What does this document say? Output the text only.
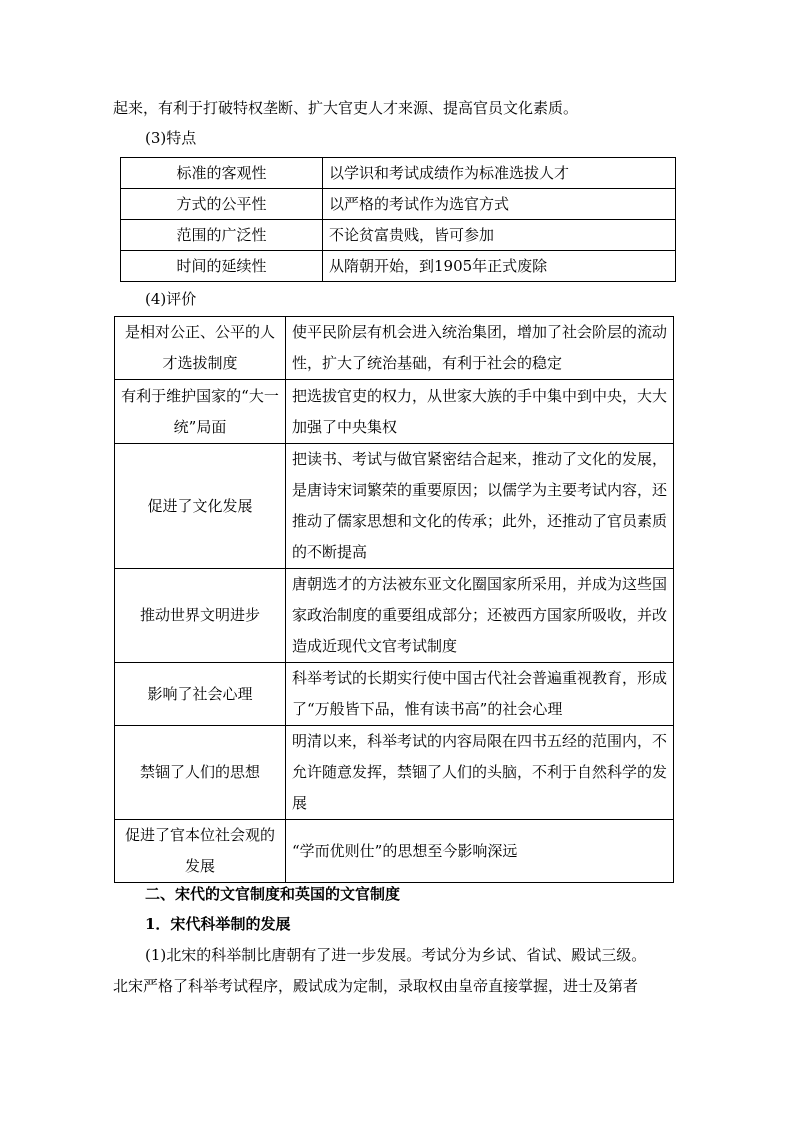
起来，有利于打破特权垄断、扩大官吏人才来源、提高官员文化素质。
(3)特点
标准的客观性	以学识和考试成绩作为标准选拔人才
方式的公平性	以严格的考试作为选官方式
范围的广泛性	不论贫富贵贱，皆可参加
时间的延续性	从隋朝开始，到1905年正式废除
(4)评价
是相对公正、公平的人才选拔制度	使平民阶层有机会进入统治集团，增加了社会阶层的流动性，扩大了统治基础，有利于社会的稳定
有利于维护国家的“大一统”局面	把选拔官吏的权力，从世家大族的手中集中到中央，大大加强了中央集权
促进了文化发展	把读书、考试与做官紧密结合起来，推动了文化的发展，是唐诗宋词繁荣的重要原因；以儒学为主要考试内容，还推动了儒家思想和文化的传承；此外，还推动了官员素质的不断提高
推动世界文明进步	唐朝选才的方法被东亚文化圈国家所采用，并成为这些国家政治制度的重要组成部分；还被西方国家所吸收，并改造成近现代文官考试制度
影响了社会心理	科举考试的长期实行使中国古代社会普遍重视教育，形成了“万般皆下品，惟有读书高”的社会心理
禁锢了人们的思想	明清以来，科举考试的内容局限在四书五经的范围内，不允许随意发挥，禁锢了人们的头脑，不利于自然科学的发展
促进了官本位社会观的发展	“学而优则仕”的思想至今影响深远
二、宋代的文官制度和英国的文官制度
1．宋代科举制的发展
(1)北宋的科举制比唐朝有了进一步发展。考试分为乡试、省试、殿试三级。
北宋严格了科举考试程序，殿试成为定制，录取权由皇帝直接掌握，进士及第者
